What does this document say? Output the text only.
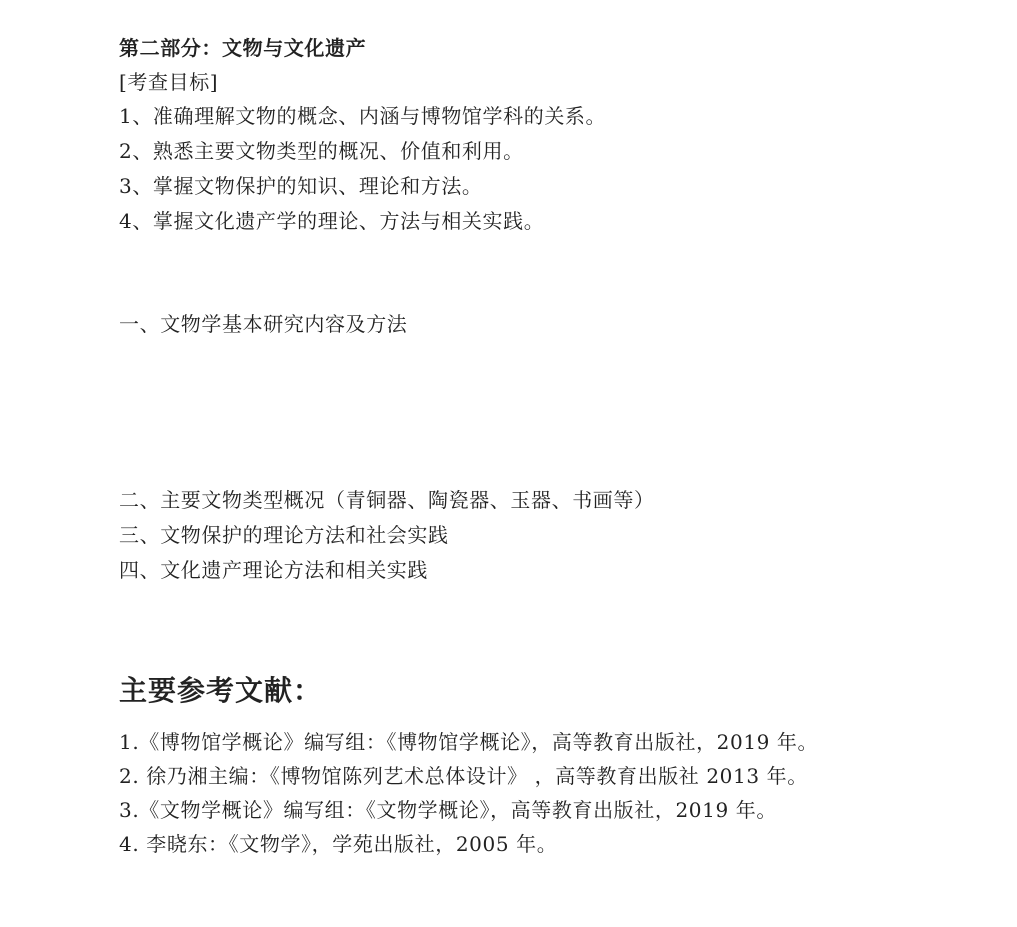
第二部分：文物与文化遗产
[考查目标]
1、准确理解文物的概念、内涵与博物馆学科的关系。
2、熟悉主要文物类型的概况、价值和利用。
3、掌握文物保护的知识、理论和方法。
4、掌握文化遗产学的理论、方法与相关实践。
一、文物学基本研究内容及方法
二、主要文物类型概况（青铜器、陶瓷器、玉器、书画等）
三、文物保护的理论方法和社会实践
四、文化遗产理论方法和相关实践
主要参考文献：
1.《博物馆学概论》编写组：《博物馆学概论》，高等教育出版社，2019 年。
2. 徐乃湘主编：《博物馆陈列艺术总体设计》 ，高等教育出版社 2013 年。
3.《文物学概论》编写组：《文物学概论》，高等教育出版社，2019 年。
4. 李晓东：《文物学》，学苑出版社，2005 年。
